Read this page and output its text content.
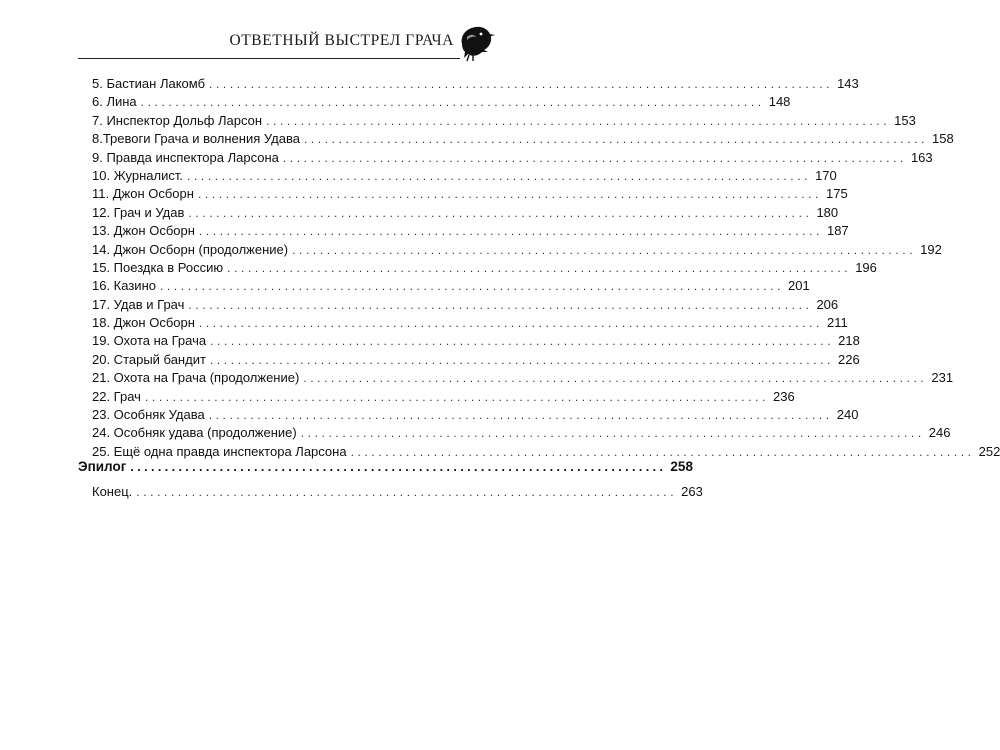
ОТВЕТНЫЙ ВЫСТРЕЛ ГРАЧА
5. Бастиан Лакомб .......................................................................................... 143
6. Лина .......................................................................................... 148
7. Инспектор Дольф Ларсон .......................................................................................... 153
8.Тревоги Грача и волнения Удава .......................................................................................... 158
9. Правда инспектора Ларсона .......................................................................................... 163
10. Журналист. .......................................................................................... 170
11. Джон Осборн .......................................................................................... 175
12. Грач и Удав .......................................................................................... 180
13. Джон Осборн .......................................................................................... 187
14. Джон Осборн (продолжение) .......................................................................................... 192
15. Поездка в Россию .......................................................................................... 196
16. Казино .......................................................................................... 201
17. Удав и Грач .......................................................................................... 206
18. Джон Осборн .......................................................................................... 211
19. Охота на Грача .......................................................................................... 218
20. Старый бандит .......................................................................................... 226
21. Охота на Грача (продолжение) .......................................................................................... 231
22. Грач .......................................................................................... 236
23. Особняк Удава .......................................................................................... 240
24. Особняк удава (продолжение) .......................................................................................... 246
25. Ещё одна правда инспектора Ларсона .......................................................................................... 252
Эпилог .............................................................................. 258
Конец. .............................................................................. 263
